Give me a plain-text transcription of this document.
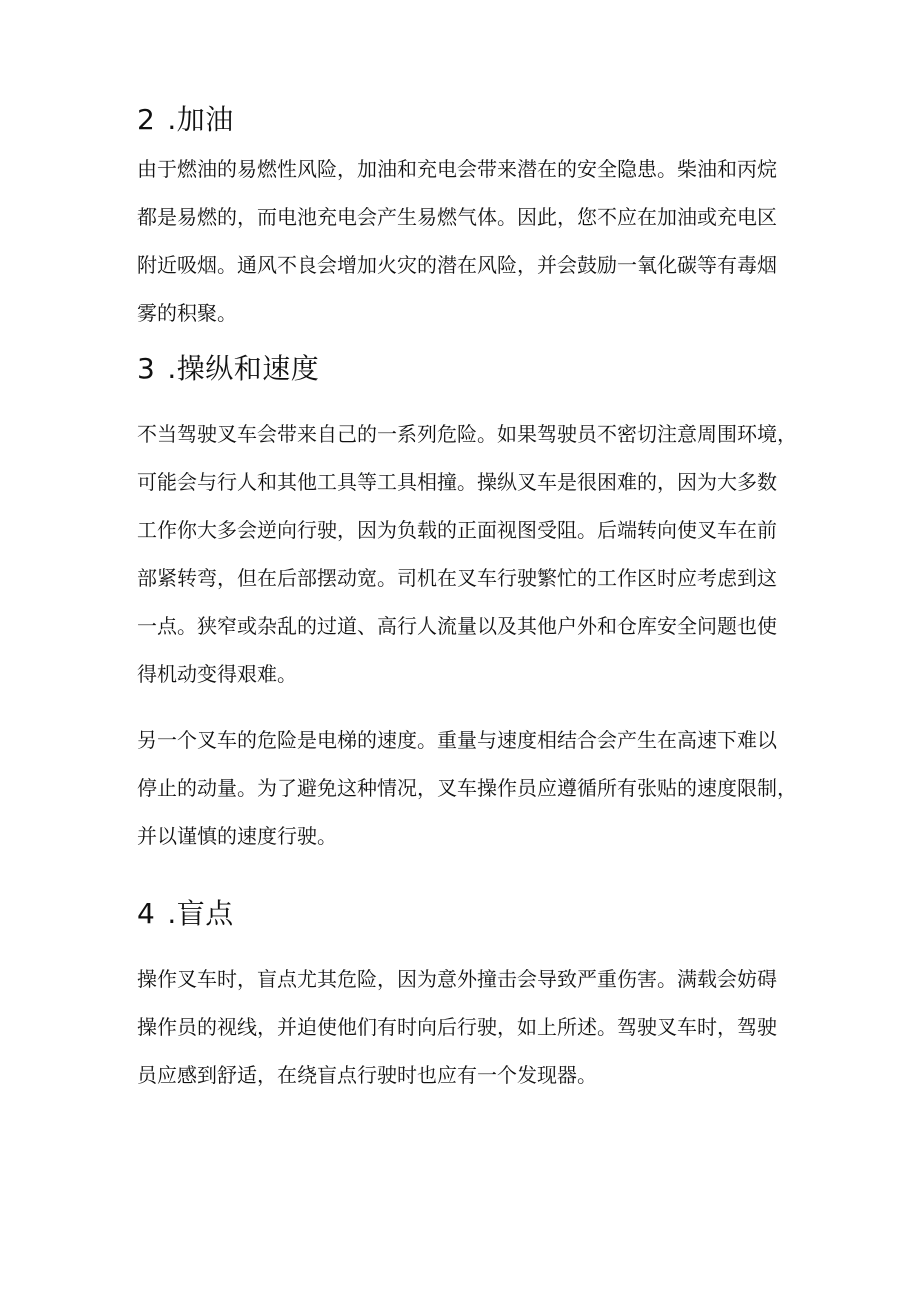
2 .加油

由于燃油的易燃性风险，加油和充电会带来潜在的安全隐患。柴油和丙烷
都是易燃的，而电池充电会产生易燃气体。因此，您不应在加油或充电区
附近吸烟。通风不良会增加火灾的潜在风险，并会鼓励一氧化碳等有毒烟
雾的积聚。

3 .操纵和速度

不当驾驶叉车会带来自己的一系列危险。如果驾驶员不密切注意周围环境，
可能会与行人和其他工具等工具相撞。操纵叉车是很困难的，因为大多数
工作你大多会逆向行驶，因为负载的正面视图受阻。后端转向使叉车在前
部紧转弯，但在后部摆动宽。司机在叉车行驶繁忙的工作区时应考虑到这
一点。狭窄或杂乱的过道、高行人流量以及其他户外和仓库安全问题也使
得机动变得艰难。

另一个叉车的危险是电梯的速度。重量与速度相结合会产生在高速下难以
停止的动量。为了避免这种情况，叉车操作员应遵循所有张贴的速度限制，
并以谨慎的速度行驶。

4 .盲点

操作叉车时，盲点尤其危险，因为意外撞击会导致严重伤害。满载会妨碍
操作员的视线，并迫使他们有时向后行驶，如上所述。驾驶叉车时，驾驶
员应感到舒适，在绕盲点行驶时也应有一个发现器。
